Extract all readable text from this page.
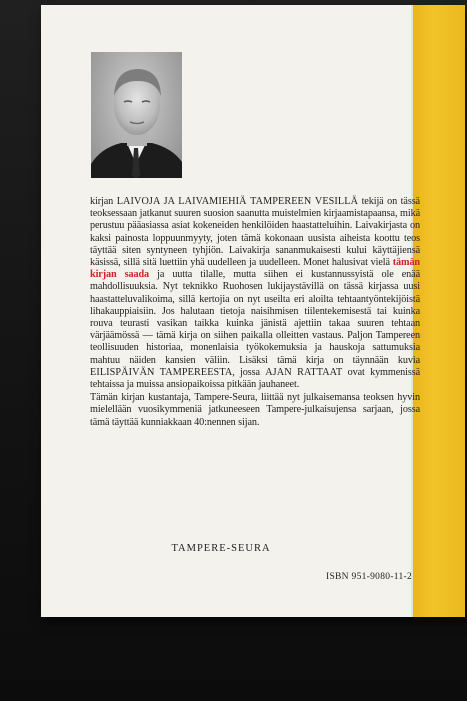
kirjan LAIVOJA JA LAIVAMIEHIÄ TAMPEREEN VESILLÄ tekijä on tässä teoksessaan jatkanut suuren suosion saanutta muistelmien kirjaamistapaansa, mikä perustuu pääasiassa asiat kokeneiden henkilöiden haastatteluihin. Laivakirjasta on kaksi painosta loppuunmyyty, joten tämä kokonaan uusista aiheista koottu teos täyttää siten syntyneen tyhjiön. Laivakirja sananmukaisesti kului käyttäjiensä käsissä, sillä sitä luettiin yhä uudelleen ja uudelleen. Monet halusivat vielä tämän kirjan saada ja uutta tilalle, mutta siihen ei kustannussyistä ole enää mahdollisuuksia. Nyt teknikko Ruohosen lukijaystävillä on tässä kirjassa uusi haastatteluvalikoima, sillä kertojia on nyt useilta eri aloilta tehtaantyöntekijöistä lihakauppiaisiin. Jos halutaan tietoja naisihmisen tiilentekemisestä tai kuinka rouva teurasti vasikan taikka kuinka jänistä ajettiin takaa suuren tehtaan värjäämössä — tämä kirja on siihen paikalla olleitten vastaus. Paljon Tampereen teollisuuden historiaa, monenlaisia työkokemuksia ja hauskoja sattumuksia mahtuu näiden kansien väliin. Lisäksi tämä kirja on täynnään kuvia EILISPÄIVÄN TAMPEREESTA, jossa AJAN RATTAAT ovat kymmenissä tehtaissa ja muissa ansiopaikoissa pitkään jauhaneet.

Tämän kirjan kustantaja, Tampere-Seura, liittää nyt julkaisemansa teoksen hyvin mielellään vuosikymmeniä jatkuneeseen Tampere-julkaisujensa sarjaan, jossa tämä täyttää kunniakkaan 40:nennen sijan.

TAMPERE-SEURA
ISBN 951-9080-11-2
